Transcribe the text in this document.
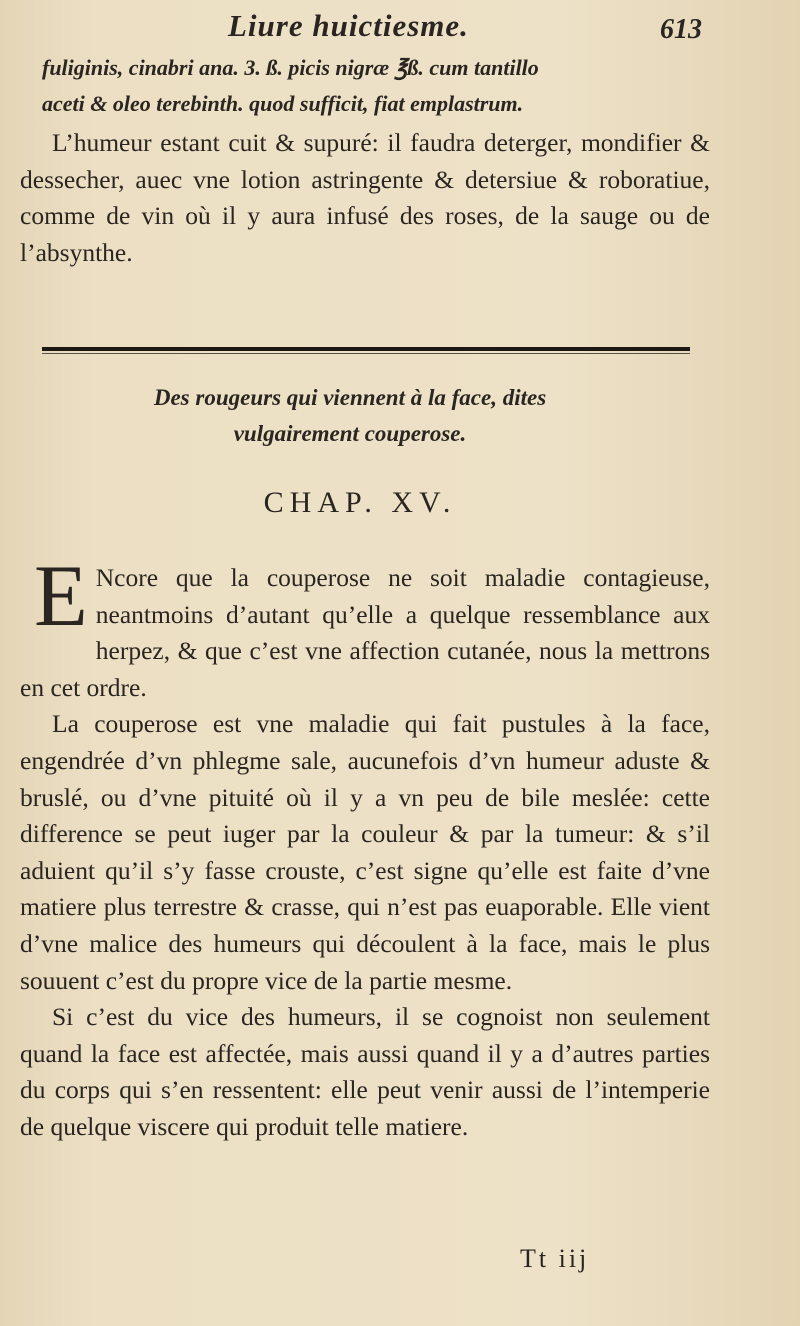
Liure huictiesme.	613
fuliginis, cinabri ana. 3. ß. picis nigræ ℥ß. cum tantillo
aceti & oleo terebinth. quod sufficit, fiat emplastrum.

L’humeur estant cuit & supuré: il faudra deterger, mondifier & dessecher, auec vne lotion astringente & detersiue & roboratiue, comme de vin où il y aura infusé des roses, de la sauge ou de l’absynthe.

Des rougeurs qui viennent à la face, dites
vulgairement couperose.
CHAP. XV.

E Ncore que la couperose ne soit maladie contagieuse, neantmoins d’autant qu’elle a quelque ressemblance aux herpez, & que c’est vne affection cutanée, nous la mettrons en cet ordre.

La couperose est vne maladie qui fait pustules à la face, engendrée d’vn phlegme sale, aucunefois d’vn humeur aduste & bruslé, ou d’vne pituité où il y a vn peu de bile meslée: cette difference se peut iuger par la couleur & par la tumeur: & s’il aduient qu’il s’y fasse crouste, c’est signe qu’elle est faite d’vne matiere plus terrestre & crasse, qui n’est pas euaporable. Elle vient d’vne malice des humeurs qui découlent à la face, mais le plus souuent c’est du propre vice de la partie mesme.

Si c’est du vice des humeurs, il se cognoist non seulement quand la face est affectée, mais aussi quand il y a d’autres parties du corps qui s’en ressentent: elle peut venir aussi de l’intemperie de quelque viscere qui produit telle matiere.

Tt iij
